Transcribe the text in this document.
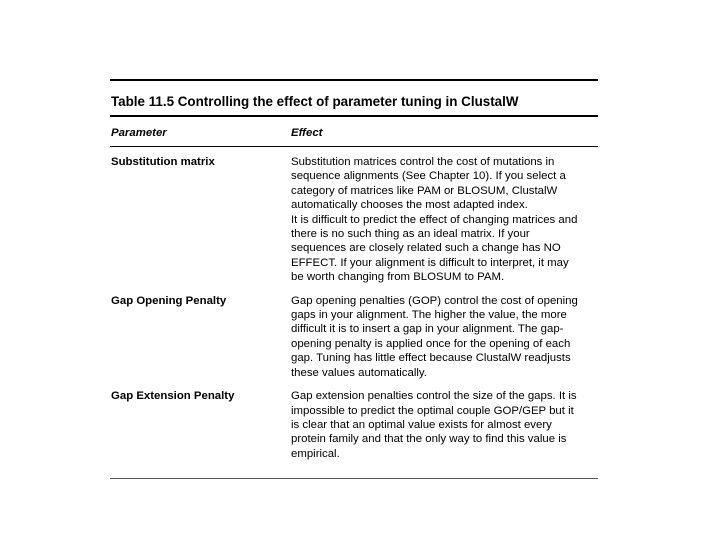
Table 11.5 Controlling the effect of parameter tuning in ClustalW
Parameter	Effect
Substitution matrix	Substitution matrices control the cost of mutations in
sequence alignments (See Chapter 10). If you select a
category of matrices like PAM or BLOSUM, ClustalW
automatically chooses the most adapted index.
It is difficult to predict the effect of changing matrices and
there is no such thing as an ideal matrix. If your
sequences are closely related such a change has NO
EFFECT. If your alignment is difficult to interpret, it may
be worth changing from BLOSUM to PAM.
Gap Opening Penalty	Gap opening penalties (GOP) control the cost of opening
gaps in your alignment. The higher the value, the more
difficult it is to insert a gap in your alignment. The gap-
opening penalty is applied once for the opening of each
gap. Tuning has little effect because ClustalW readjusts
these values automatically.
Gap Extension Penalty	Gap extension penalties control the size of the gaps. It is
impossible to predict the optimal couple GOP/GEP but it
is clear that an optimal value exists for almost every
protein family and that the only way to find this value is
empirical.
